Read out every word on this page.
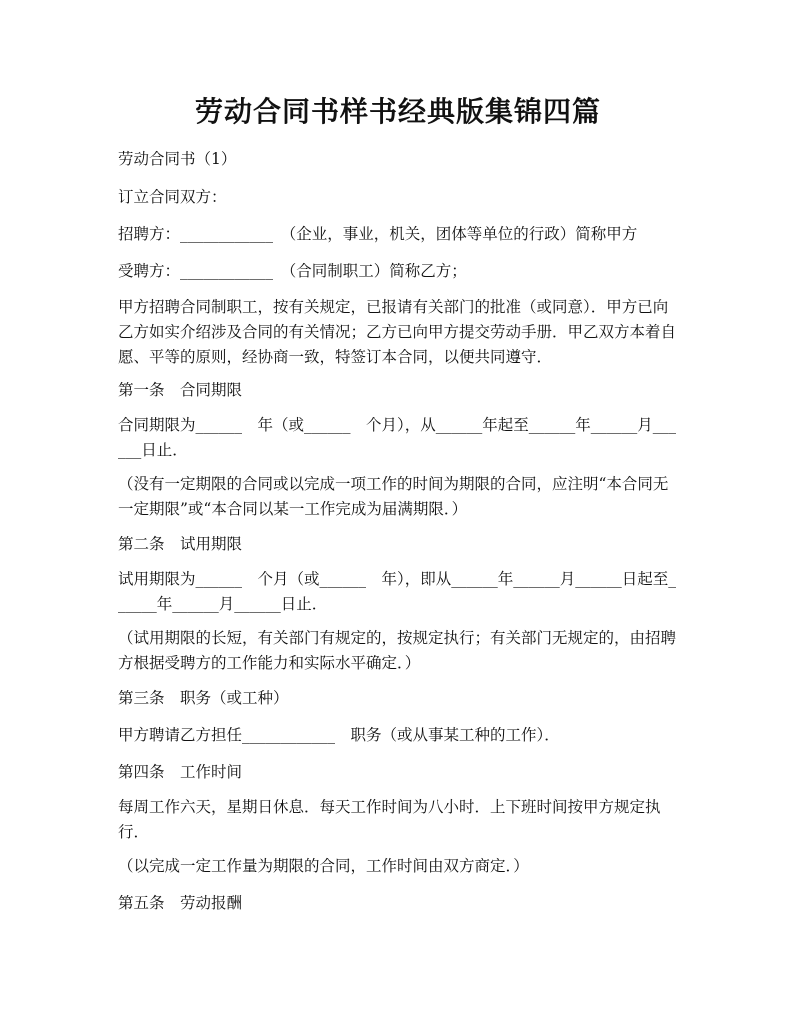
劳动合同书样书经典版集锦四篇

劳动合同书（1）

订立合同双方：

招聘方：____________　（企业，事业，机关，团体等单位的行政）简称甲方

受聘方：____________　（合同制职工）简称乙方；

甲方招聘合同制职工，按有关规定，已报请有关部门的批准（或同意）．甲方已向乙方如实介绍涉及合同的有关情况；乙方已向甲方提交劳动手册．甲乙双方本着自愿、平等的原则，经协商一致，特签订本合同，以便共同遵守．

第一条　合同期限

合同期限为______　年（或______　个月），从______年起至______年______月______日止．

（没有一定期限的合同或以完成一项工作的时间为期限的合同，应注明“本合同无一定期限”或“本合同以某一工作完成为届满期限．）

第二条　试用期限

试用期限为______　个月（或______　年），即从______年______月______日起至______年______月______日止．

（试用期限的长短，有关部门有规定的，按规定执行；有关部门无规定的，由招聘方根据受聘方的工作能力和实际水平确定．）

第三条　职务（或工种）

甲方聘请乙方担任____________　职务（或从事某工种的工作）．

第四条　工作时间

每周工作六天，星期日休息．每天工作时间为八小时．上下班时间按甲方规定执行．

（以完成一定工作量为期限的合同，工作时间由双方商定．）

第五条　劳动报酬
